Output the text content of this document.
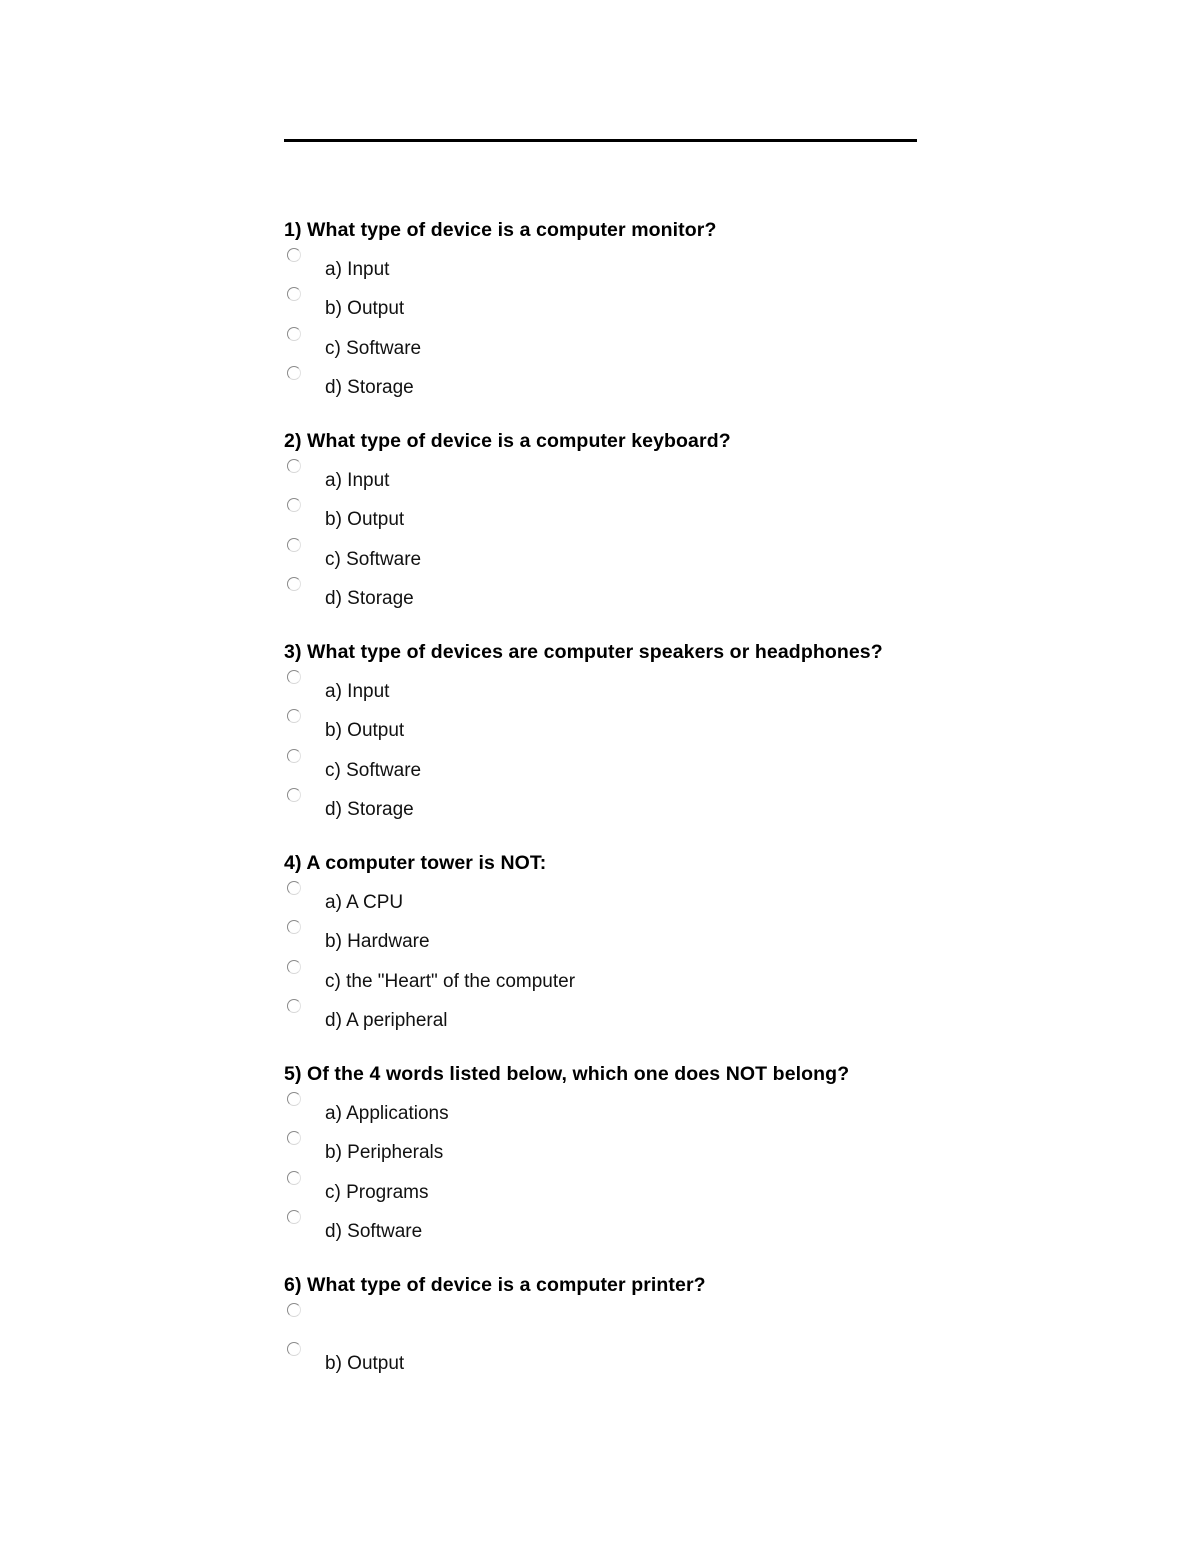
1) What type of device is a computer monitor?
a) Input
b) Output
c) Software
d) Storage
2) What type of device is a computer keyboard?
a) Input
b) Output
c) Software
d) Storage
3) What type of devices are computer speakers or headphones?
a) Input
b) Output
c) Software
d) Storage
4) A computer tower is NOT:
a) A CPU
b) Hardware
c) the "Heart" of the computer
d) A peripheral
5) Of the 4 words listed below, which one does NOT belong?
a) Applications
b) Peripherals
c) Programs
d) Software
6) What type of device is a computer printer?
b) Output
